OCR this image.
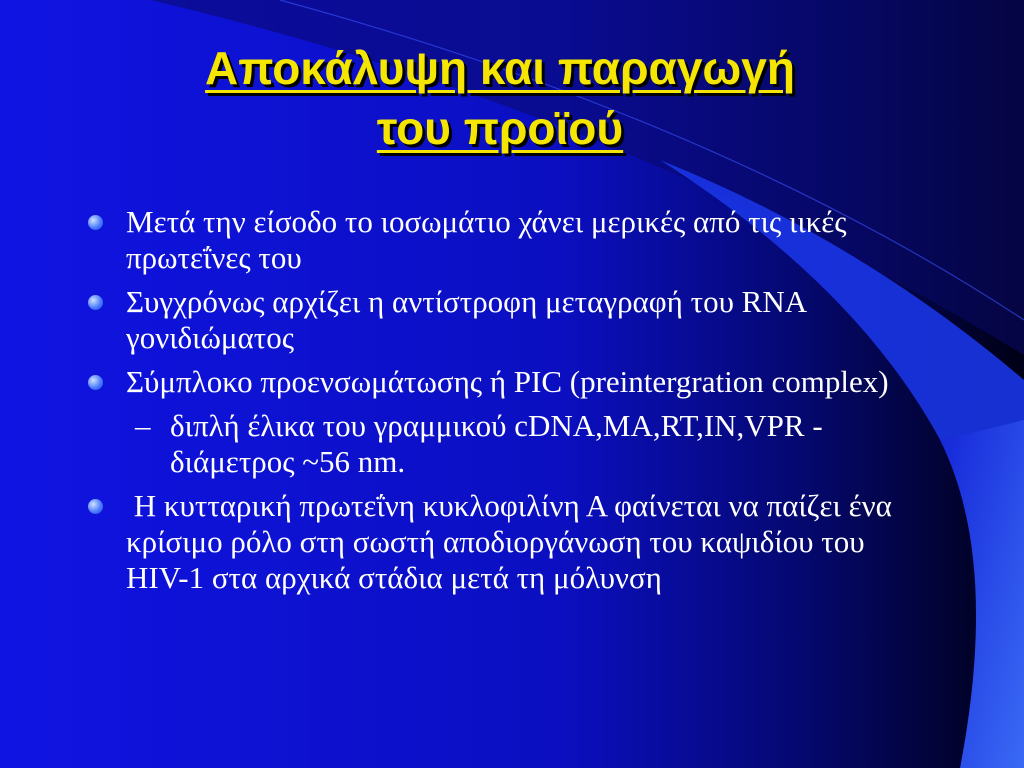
Αποκάλυψη και παραγωγή
του προϊού
Μετά την είσοδο το ιοσωμάτιο χάνει μερικές από τις ιικές πρωτεΐνες του
Συγχρόνως αρχίζει η αντίστροφη μεταγραφή του RNA γονιδιώματος
Σύμπλοκο προενσωμάτωσης ή PIC (preintergration complex)
– διπλή έλικα του γραμμικού cDNA,MA,RT,IN,VPR - διάμετρος ~56 nm.
Η κυτταρική πρωτεΐνη κυκλοφιλίνη Α φαίνεται να παίζει ένα κρίσιμο ρόλο στη σωστή αποδιοργάνωση του καψιδίου του HIV-1 στα αρχικά στάδια μετά τη μόλυνση
